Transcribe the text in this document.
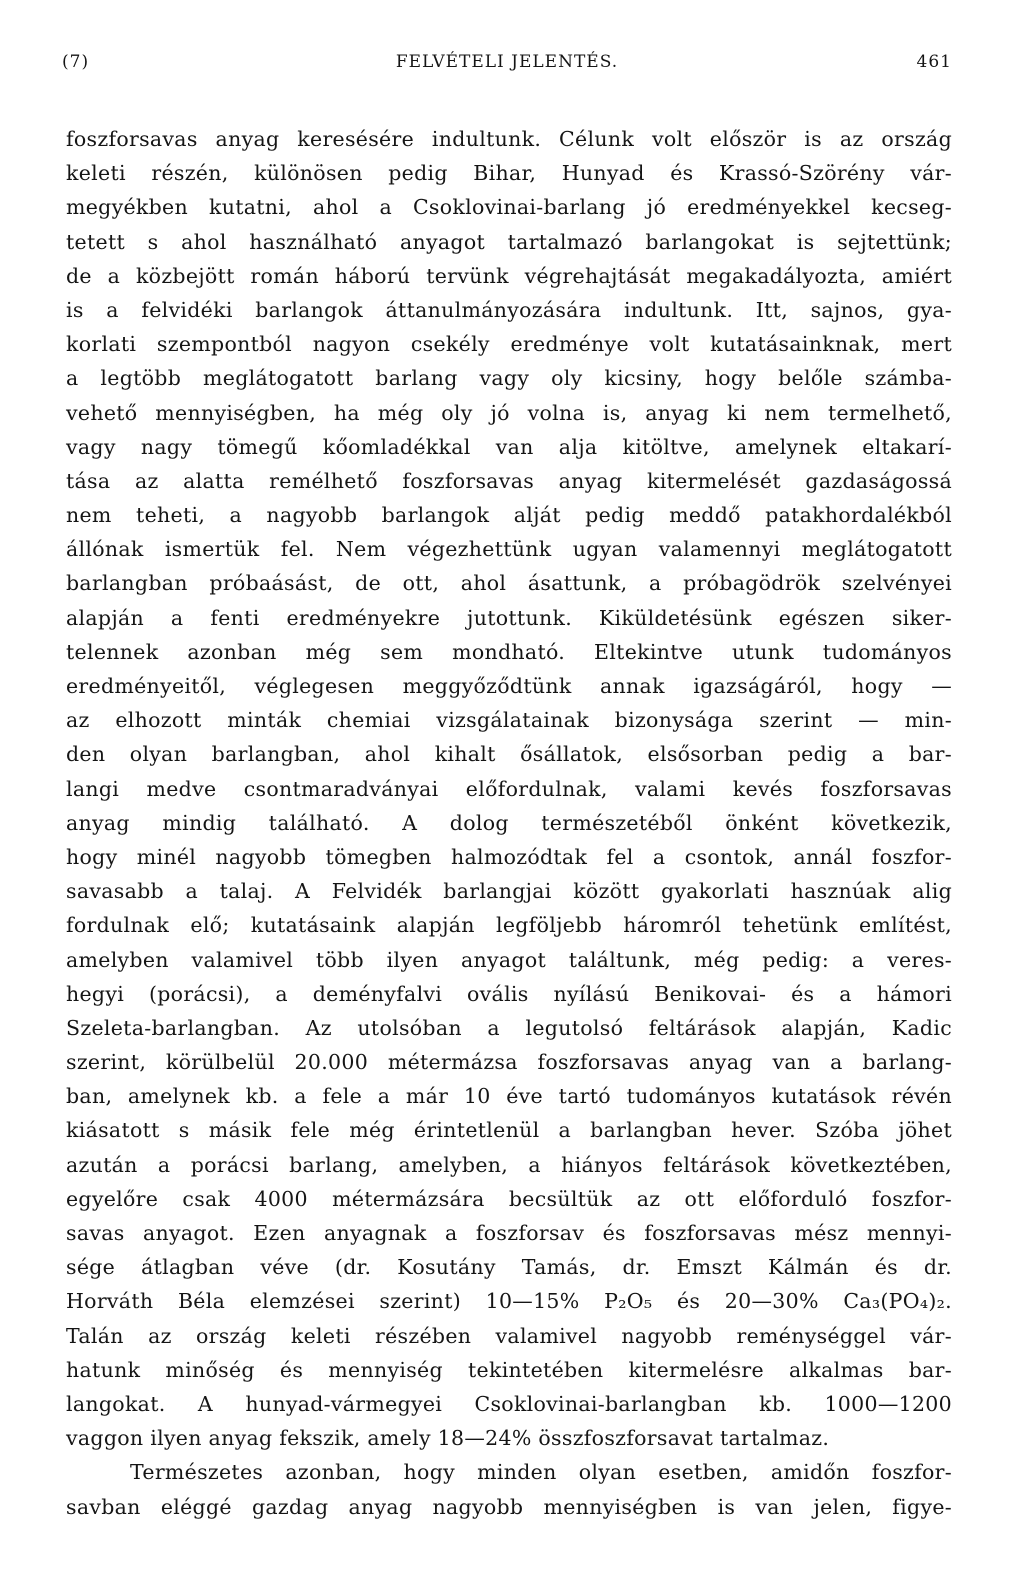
(7)	FELVÉTELI JELENTÉS.	461
foszforsavas anyag keresésére indultunk. Célunk volt először is az ország
keleti részén, különösen pedig Bihar, Hunyad és Krassó-Szörény vár-
megyékben kutatni, ahol a Csoklovinai-barlang jó eredményekkel kecseg-
tetett s ahol használható anyagot tartalmazó barlangokat is sejtettünk;
de a közbejött román háború tervünk végrehajtását megakadályozta, amiért
is a felvidéki barlangok áttanulmányozására indultunk. Itt, sajnos, gya-
korlati szempontból nagyon csekély eredménye volt kutatásainknak, mert
a legtöbb meglátogatott barlang vagy oly kicsiny, hogy belőle számba-
vehető mennyiségben, ha még oly jó volna is, anyag ki nem termelhető,
vagy nagy tömegű kőomladékkal van alja kitöltve, amelynek eltakarí-
tása az alatta remélhető foszforsavas anyag kitermelését gazdaságossá
nem teheti, a nagyobb barlangok alját pedig meddő patakhordalékból
állónak ismertük fel. Nem végezhettünk ugyan valamennyi meglátogatott
barlangban próbaásást, de ott, ahol ásattunk, a próbagödrök szelvényei
alapján a fenti eredményekre jutottunk. Kiküldetésünk egészen siker-
telennek azonban még sem mondható. Eltekintve utunk tudományos
eredményeitől, véglegesen meggyőződtünk annak igazságáról, hogy —
az elhozott minták chemiai vizsgálatainak bizonysága szerint — min-
den olyan barlangban, ahol kihalt ősállatok, elsősorban pedig a bar-
langi medve csontmaradványai előfordulnak, valami kevés foszforsavas
anyag mindig található. A dolog természetéből önként következik,
hogy minél nagyobb tömegben halmozódtak fel a csontok, annál foszfor-
savasabb a talaj. A Felvidék barlangjai között gyakorlati hasznúak alig
fordulnak elő; kutatásaink alapján legföljebb háromról tehetünk említést,
amelyben valamivel több ilyen anyagot találtunk, még pedig: a veres-
hegyi (porácsi), a deményfalvi ovális nyílású Benikovai- és a hámori
Szeleta-barlangban. Az utolsóban a legutolsó feltárások alapján, Kadic
szerint, körülbelül 20.000 métermázsa foszforsavas anyag van a barlang-
ban, amelynek kb. a fele a már 10 éve tartó tudományos kutatások révén
kiásatott s másik fele még érintetlenül a barlangban hever. Szóba jöhet
azután a porácsi barlang, amelyben, a hiányos feltárások következtében,
egyelőre csak 4000 métermázsára becsültük az ott előforduló foszfor-
savas anyagot. Ezen anyagnak a foszforsav és foszforsavas mész mennyi-
sége átlagban véve (dr. Kosutány Tamás, dr. Emszt Kálmán és dr.
Horváth Béla elemzései szerint) 10—15% P₂O₅ és 20—30% Ca₃(PO₄)₂.
Talán az ország keleti részében valamivel nagyobb reménységgel vár-
hatunk minőség és mennyiség tekintetében kitermelésre alkalmas bar-
langokat. A hunyad-vármegyei Csoklovinai-barlangban kb. 1000—1200
vaggon ilyen anyag fekszik, amely 18—24% összfoszforsavat tartalmaz.
Természetes azonban, hogy minden olyan esetben, amidőn foszfor-
savban eléggé gazdag anyag nagyobb mennyiségben is van jelen, figye-
